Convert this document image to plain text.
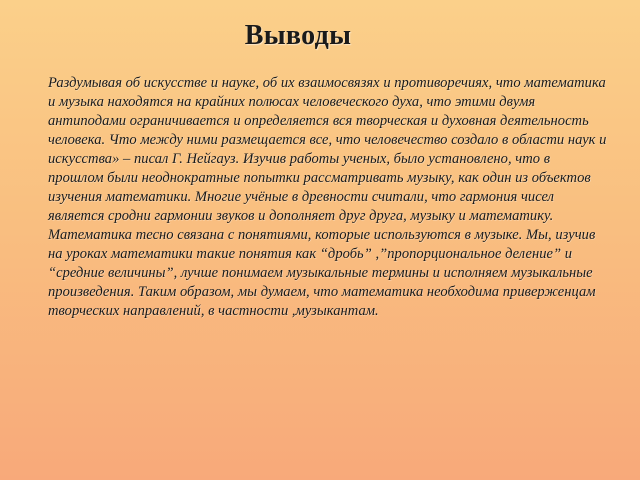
Выводы

Раздумывая об искусстве и науке, об их взаимосвязях и противоречиях, что математика и музыка находятся на крайних полюсах человеческого духа, что этими двумя антиподами ограничивается и определяется вся творческая и духовная деятельность человека. Что между ними размещается все, что человечество создало в области наук и искусства» – писал Г. Нейгауз. Изучив работы ученых, было установлено, что в прошлом были неоднократные попытки рассматривать музыку, как один из объектов изучения математики. Многие учёные в древности считали, что гармония чисел является сродни гармонии звуков и дополняет друг друга, музыку и математику.

Математика тесно связана с понятиями, которые используются в музыке. Мы, изучив на уроках математики такие понятия как “дробь” ,”пропорциональное деление” и “средние величины”, лучше понимаем музыкальные термины и исполняем музыкальные произведения. Таким образом, мы думаем, что математика необходима приверженцам творческих направлений, в частности ,музыкантам.
